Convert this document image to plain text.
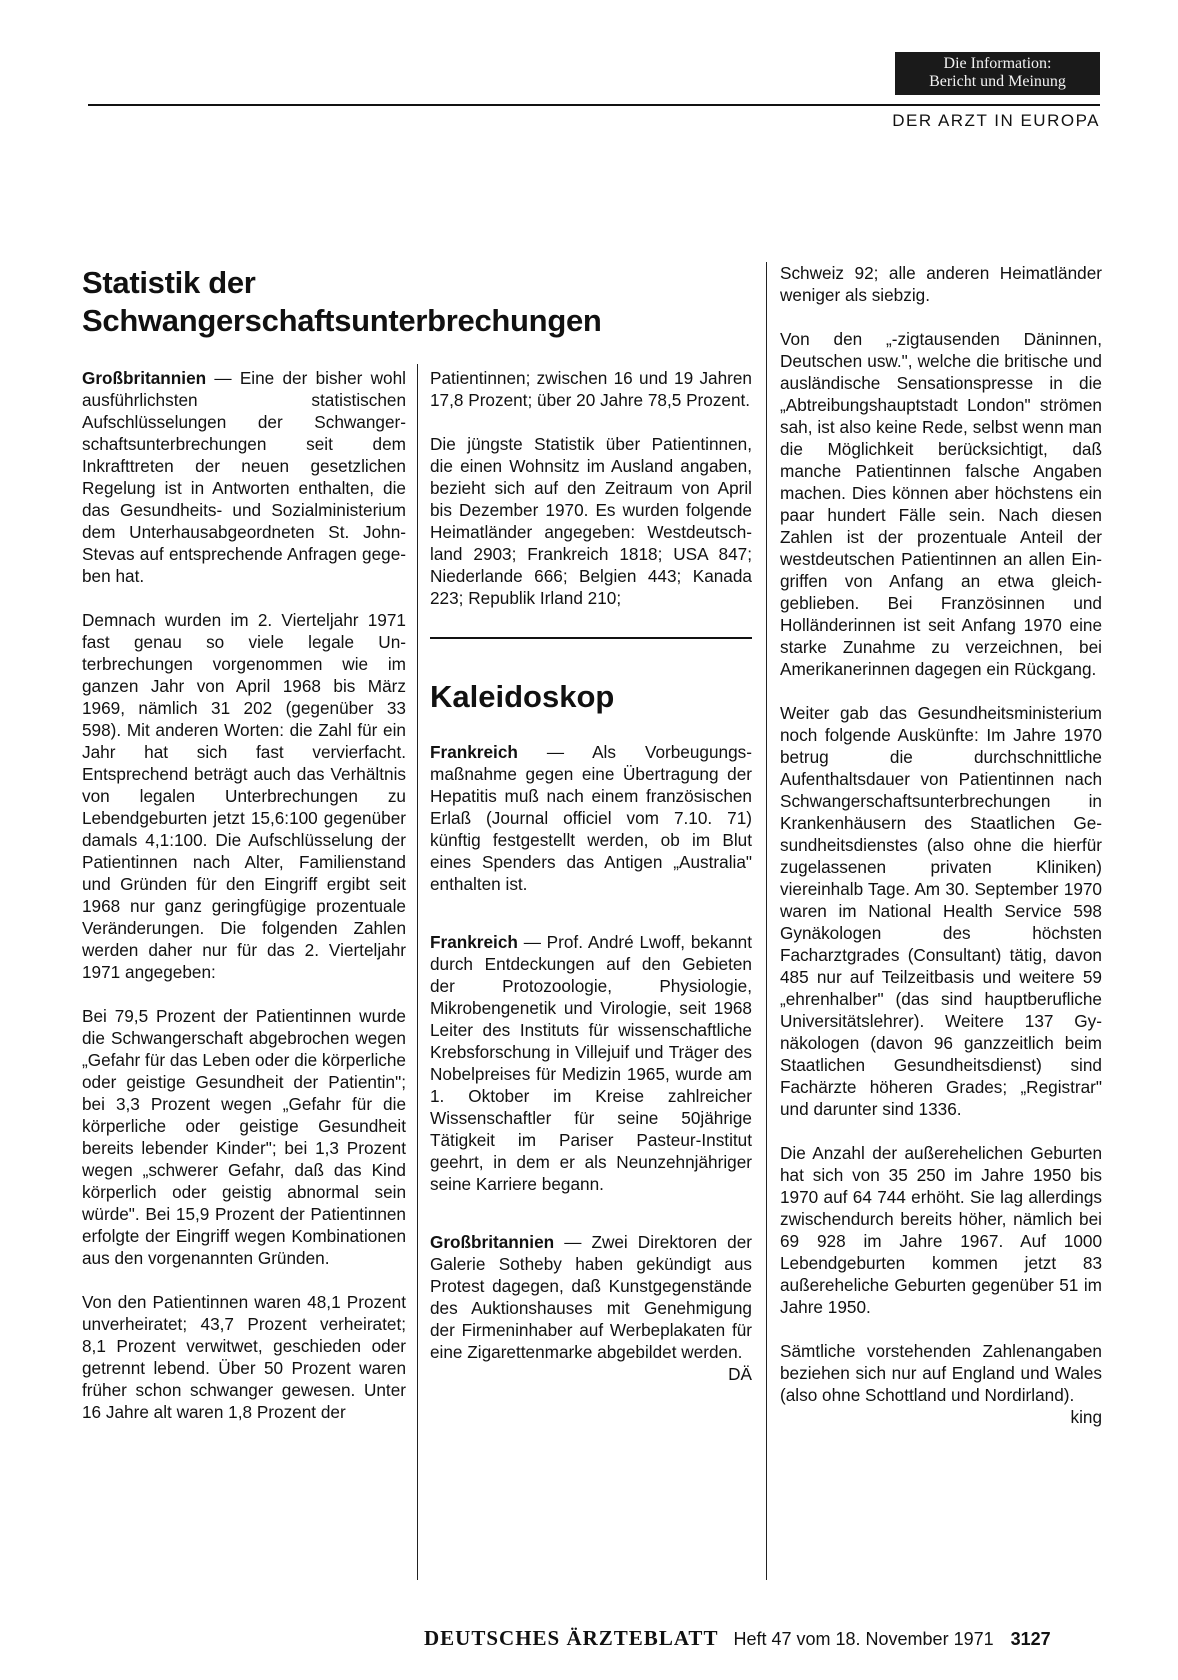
Die Information:
Bericht und Meinung
DER ARZT IN EUROPA
Statistik der
Schwangerschaftsunterbrechungen

Großbritannien — Eine der bisher wohl ausführlichsten statistischen Aufschlüsselungen der Schwangerschaftsunterbrechungen seit dem Inkrafttreten der neuen gesetzlichen Regelung ist in Antworten enthalten, die das Gesundheits- und Sozialministerium dem Unterhausabgeordneten St. John-Stevas auf entsprechende Anfragen gegeben hat.

Demnach wurden im 2. Vierteljahr 1971 fast genau so viele legale Unterbrechungen vorgenommen wie im ganzen Jahr von April 1968 bis März 1969, nämlich 31 202 (gegenüber 33 598). Mit anderen Worten: die Zahl für ein Jahr hat sich fast vervierfacht. Entsprechend beträgt auch das Verhältnis von legalen Unterbrechungen zu Lebendgeburten jetzt 15,6:100 gegenüber damals 4,1:100. Die Aufschlüsselung der Patientinnen nach Alter, Familienstand und Gründen für den Eingriff ergibt seit 1968 nur ganz geringfügige prozentuale Veränderungen. Die folgenden Zahlen werden daher nur für das 2. Vierteljahr 1971 angegeben:

Bei 79,5 Prozent der Patientinnen wurde die Schwangerschaft abgebrochen wegen „Gefahr für das Leben oder die körperliche oder geistige Gesundheit der Patientin"; bei 3,3 Prozent wegen „Gefahr für die körperliche oder geistige Gesundheit bereits lebender Kinder"; bei 1,3 Prozent wegen „schwerer Gefahr, daß das Kind körperlich oder geistig abnormal sein würde". Bei 15,9 Prozent der Patientinnen erfolgte der Eingriff wegen Kombinationen aus den vorgenannten Gründen.

Von den Patientinnen waren 48,1 Prozent unverheiratet; 43,7 Prozent verheiratet; 8,1 Prozent verwitwet, geschieden oder getrennt lebend. Über 50 Prozent waren früher schon schwanger gewesen. Unter 16 Jahre alt waren 1,8 Prozent der

Patientinnen; zwischen 16 und 19 Jahren 17,8 Prozent; über 20 Jahre 78,5 Prozent.

Die jüngste Statistik über Patientinnen, die einen Wohnsitz im Ausland angaben, bezieht sich auf den Zeitraum von April bis Dezember 1970. Es wurden folgende Heimatländer angegeben: Westdeutschland 2903; Frankreich 1818; USA 847; Niederlande 666; Belgien 443; Kanada 223; Republik Irland 210;

Kaleidoskop

Frankreich — Als Vorbeugungsmaßnahme gegen eine Übertragung der Hepatitis muß nach einem französischen Erlaß (Journal officiel vom 7.10. 71) künftig festgestellt werden, ob im Blut eines Spenders das Antigen „Australia" enthalten ist.

Frankreich — Prof. André Lwoff, bekannt durch Entdeckungen auf den Gebieten der Protozoologie, Physiologie, Mikrobengenetik und Virologie, seit 1968 Leiter des Instituts für wissenschaftliche Krebsforschung in Villejuif und Träger des Nobelpreises für Medizin 1965, wurde am 1. Oktober im Kreise zahlreicher Wissenschaftler für seine 50jährige Tätigkeit im Pariser Pasteur-Institut geehrt, in dem er als Neunzehnjähriger seine Karriere begann.

Großbritannien — Zwei Direktoren der Galerie Sotheby haben gekündigt aus Protest dagegen, daß Kunstgegenstände des Auktionshauses mit Genehmigung der Firmeninhaber auf Werbeplakaten für eine Zigarettenmarke abgebildet werden.
DÄ

Schweiz 92; alle anderen Heimatländer weniger als siebzig.

Von den „-zigtausenden Däninnen, Deutschen usw.", welche die britische und ausländische Sensationspresse in die „Abtreibungshauptstadt London" strömen sah, ist also keine Rede, selbst wenn man die Möglichkeit berücksichtigt, daß manche Patientinnen falsche Angaben machen. Dies können aber höchstens ein paar hundert Fälle sein. Nach diesen Zahlen ist der prozentuale Anteil der westdeutschen Patientinnen an allen Eingriffen von Anfang an etwa gleichgeblieben. Bei Französinnen und Holländerinnen ist seit Anfang 1970 eine starke Zunahme zu verzeichnen, bei Amerikanerinnen dagegen ein Rückgang.

Weiter gab das Gesundheitsministerium noch folgende Auskünfte: Im Jahre 1970 betrug die durchschnittliche Aufenthaltsdauer von Patientinnen nach Schwangerschaftsunterbrechungen in Krankenhäusern des Staatlichen Gesundheitsdienstes (also ohne die hierfür zugelassenen privaten Kliniken) viereinhalb Tage. Am 30. September 1970 waren im National Health Service 598 Gynäkologen des höchsten Facharztgrades (Consultant) tätig, davon 485 nur auf Teilzeitbasis und weitere 59 „ehrenhalber" (das sind hauptberufliche Universitätslehrer). Weitere 137 Gynäkologen (davon 96 ganzzeitlich beim Staatlichen Gesundheitsdienst) sind Fachärzte höheren Grades; „Registrar" und darunter sind 1336.

Die Anzahl der außerehelichen Geburten hat sich von 35 250 im Jahre 1950 bis 1970 auf 64 744 erhöht. Sie lag allerdings zwischendurch bereits höher, nämlich bei 69 928 im Jahre 1967. Auf 1000 Lebendgeburten kommen jetzt 83 außereheliche Geburten gegenüber 51 im Jahre 1950.

Sämtliche vorstehenden Zahlenangaben beziehen sich nur auf England und Wales (also ohne Schottland und Nordirland).
king

DEUTSCHES ÄRZTEBLATT Heft 47 vom 18. November 1971 3127
